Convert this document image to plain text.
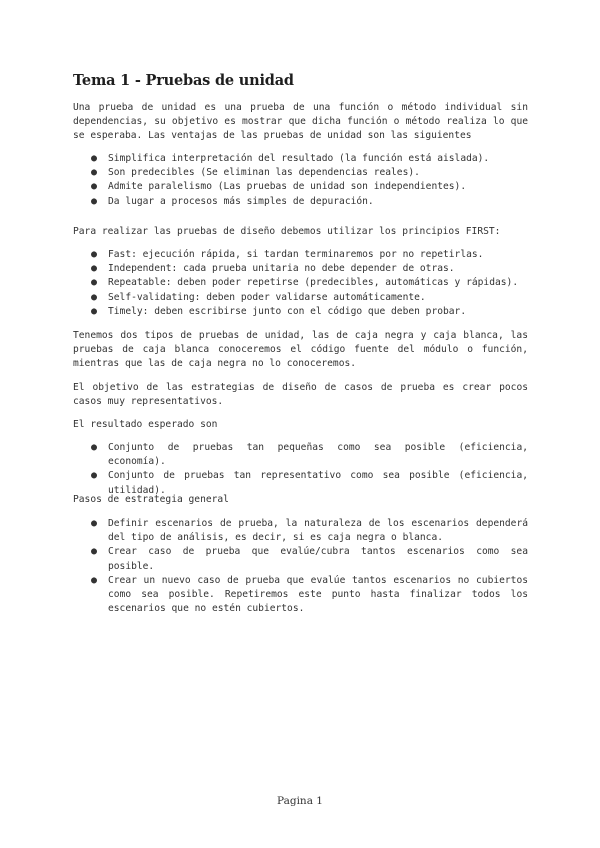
Tema 1 - Pruebas de unidad

Una prueba de unidad es una prueba de una función o método individual sin dependencias, su objetivo es mostrar que dicha función o método realiza lo que se esperaba. Las ventajas de las pruebas de unidad son las siguientes

● Simplifica interpretación del resultado (la función está aislada).
● Son predecibles (Se eliminan las dependencias reales).
● Admite paralelismo (Las pruebas de unidad son independientes).
● Da lugar a procesos más simples de depuración.

Para realizar las pruebas de diseño debemos utilizar los principios FIRST:

● Fast: ejecución rápida, si tardan terminaremos por no repetirlas.
● Independent: cada prueba unitaria no debe depender de otras.
● Repeatable: deben poder repetirse (predecibles, automáticas y rápidas).
● Self-validating: deben poder validarse automáticamente.
● Timely: deben escribirse junto con el código que deben probar.

Tenemos dos tipos de pruebas de unidad, las de caja negra y caja blanca, las pruebas de caja blanca conoceremos el código fuente del módulo o función, mientras que las de caja negra no lo conoceremos.

El objetivo de las estrategias de diseño de casos de prueba es crear pocos casos muy representativos.

El resultado esperado son

● Conjunto de pruebas tan pequeñas como sea posible (eficiencia, economía).
● Conjunto de pruebas tan representativo como sea posible (eficiencia, utilidad).

Pasos de estrategia general

● Definir escenarios de prueba, la naturaleza de los escenarios dependerá del tipo de análisis, es decir, si es caja negra o blanca.
● Crear caso de prueba que evalúe/cubra tantos escenarios como sea posible.
● Crear un nuevo caso de prueba que evalúe tantos escenarios no cubiertos como sea posible. Repetiremos este punto hasta finalizar todos los escenarios que no estén cubiertos.
Pagina 1
